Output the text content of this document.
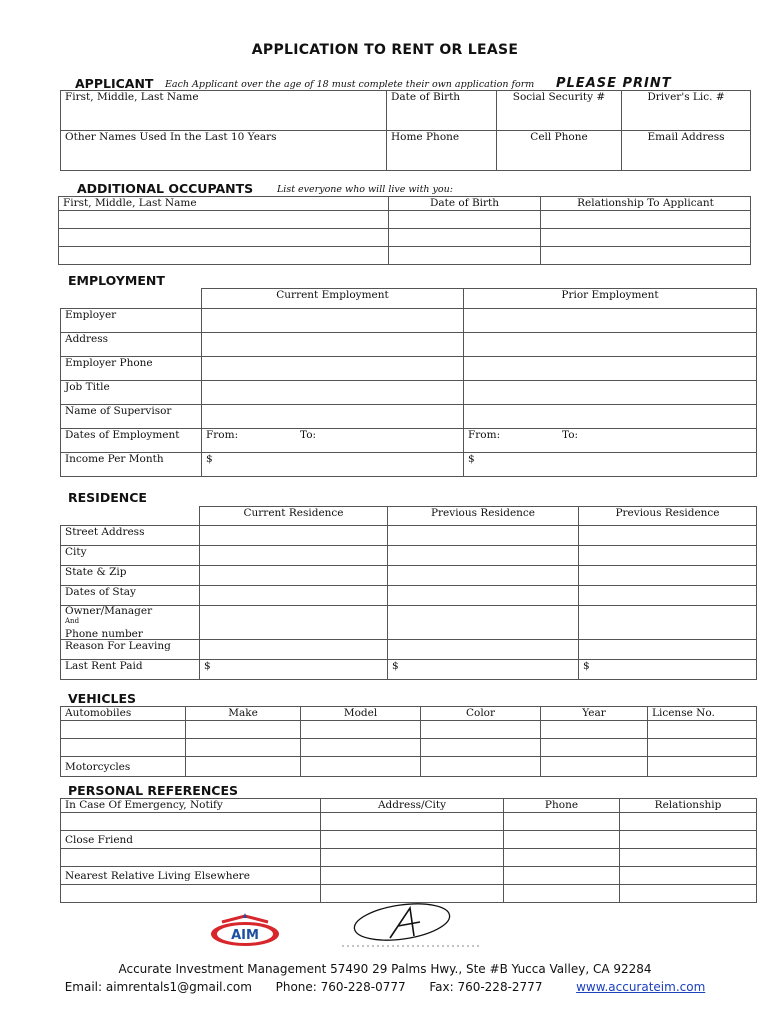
APPLICATION TO RENT OR LEASE
APPLICANT Each Applicant over the age of 18 must complete their own application form PLEASE PRINT
First, Middle, Last Name	Date of Birth	Social Security #	Driver's Lic. #
Other Names Used In the Last 10 Years	Home Phone	Cell Phone	Email Address
ADDITIONAL OCCUPANTS	List everyone who will live with you:
First, Middle, Last Name	Date of Birth	Relationship To Applicant

EMPLOYMENT
	Current Employment	Prior Employment
Employer		
Address		
Employer Phone		
Job Title		
Name of Supervisor		
Dates of Employment	From: To:	From: To:
Income Per Month	$	$
RESIDENCE
	Current Residence	Previous Residence	Previous Residence
Street Address			
City			
State & Zip			
Dates of Stay			

Owner/Manager
And
Phone number			

Reason For Leaving			
Last Rent Paid	$	$	$
VEHICLES
Automobiles	Make	Model	Color	Year	License No.

Motorcycles					
PERSONAL REFERENCES
In Case Of Emergency, Notify	Address/City	Phone	Relationship

Close Friend			

Nearest Relative Living Elsewhere			

AIM
Accurate Investment Management 57490 29 Palms Hwy., Ste #B Yucca Valley, CA 92284
Email: aimrentals1@gmail.com Phone: 760-228-0777 Fax: 760-228-2777	www.accurateim.com
